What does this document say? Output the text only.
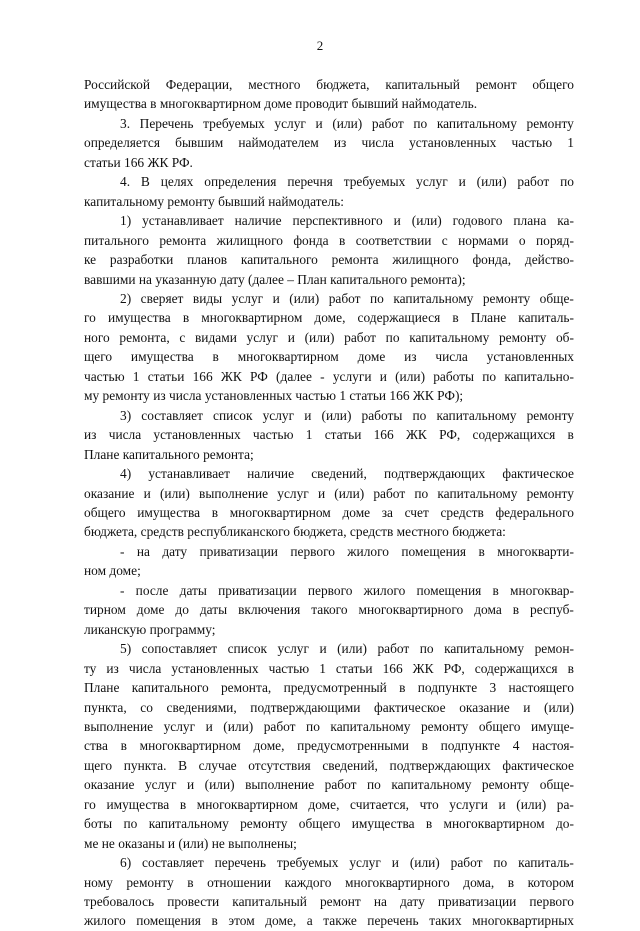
2
Российской Федерации, местного бюджета, капитальный ремонт общего
имущества в многоквартирном доме проводит бывший наймодатель.
3. Перечень требуемых услуг и (или) работ по капитальному ремонту
определяется бывшим наймодателем из числа установленных частью 1
статьи 166 ЖК РФ.
4. В целях определения перечня требуемых услуг и (или) работ по
капитальному ремонту бывший наймодатель:
1) устанавливает наличие перспективного и (или) годового плана ка-
питального ремонта жилищного фонда в соответствии с нормами о поряд-
ке разработки планов капитального ремонта жилищного фонда, действо-
вавшими на указанную дату (далее – План капитального ремонта);
2) сверяет виды услуг и (или) работ по капитальному ремонту обще-
го имущества в многоквартирном доме, содержащиеся в Плане капиталь-
ного ремонта, с видами услуг и (или) работ по капитальному ремонту об-
щего имущества в многоквартирном доме из числа установленных
частью 1 статьи 166 ЖК РФ (далее - услуги и (или) работы по капитально-
му ремонту из числа установленных частью 1 статьи 166 ЖК РФ);
3) составляет список услуг и (или) работы по капитальному ремонту
из числа установленных частью 1 статьи 166 ЖК РФ, содержащихся в
Плане капитального ремонта;
4) устанавливает наличие сведений, подтверждающих фактическое
оказание и (или) выполнение услуг и (или) работ по капитальному ремонту
общего имущества в многоквартирном доме за счет средств федерального
бюджета, средств республиканского бюджета, средств местного бюджета:
- на дату приватизации первого жилого помещения в многокварти-
ном доме;
- после даты приватизации первого жилого помещения в многоквар-
тирном доме до даты включения такого многоквартирного дома в респуб-
ликанскую программу;
5) сопоставляет список услуг и (или) работ по капитальному ремон-
ту из числа установленных частью 1 статьи 166 ЖК РФ, содержащихся в
Плане капитального ремонта, предусмотренный в подпункте 3 настоящего
пункта, со сведениями, подтверждающими фактическое оказание и (или)
выполнение услуг и (или) работ по капитальному ремонту общего имуще-
ства в многоквартирном доме, предусмотренными в подпункте 4 настоя-
щего пункта. В случае отсутствия сведений, подтверждающих фактическое
оказание услуг и (или) выполнение работ по капитальному ремонту обще-
го имущества в многоквартирном доме, считается, что услуги и (или) ра-
боты по капитальному ремонту общего имущества в многоквартирном до-
ме не оказаны и (или) не выполнены;
6) составляет перечень требуемых услуг и (или) работ по капиталь-
ному ремонту в отношении каждого многоквартирного дома, в котором
требовалось провести капитальный ремонт на дату приватизации первого
жилого помещения в этом доме, а также перечень таких многоквартирных
